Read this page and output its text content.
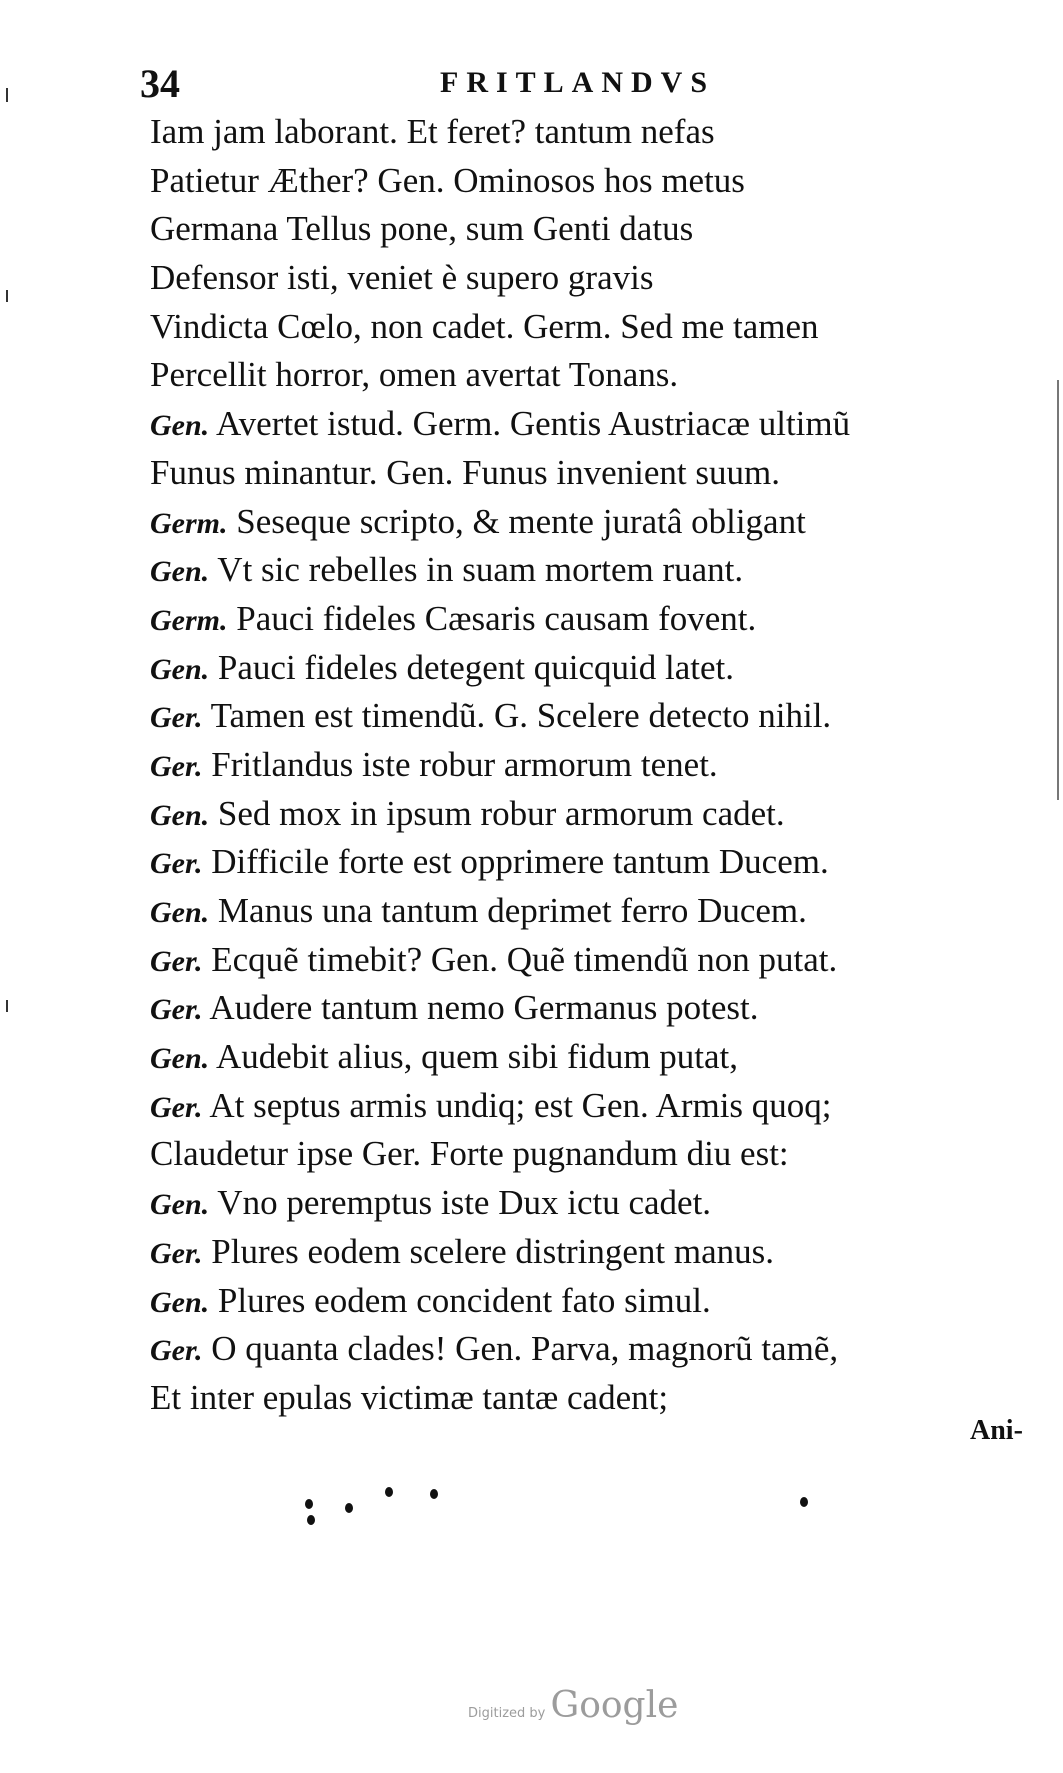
34	FRITLANDVS
Iam jam laborant. Et feret? tantum nefas
Patietur Æther? Gen. Ominosos hos metus
Germana Tellus pone, sum Genti datus
Defensor isti, veniet è supero gravis
Vindicta Cœlo, non cadet. Germ. Sed me tamen
Percellit horror, omen avertat Tonans.
Gen. Avertet istud. Germ. Gentis Austriacæ ultimũ
Funus minantur. Gen. Funus invenient suum.
Germ. Seseque scripto, & mente juratâ obligant
Gen. Vt sic rebelles in suam mortem ruant.
Germ. Pauci fideles Cæsaris causam fovent.
Gen. Pauci fideles detegent quicquid latet.
Ger. Tamen est timendũ. G. Scelere detecto nihil.
Ger. Fritlandus iste robur armorum tenet.
Gen. Sed mox in ipsum robur armorum cadet.
Ger. Difficile forte est opprimere tantum Ducem.
Gen. Manus una tantum deprimet ferro Ducem.
Ger. Ecquẽ timebit? Gen. Quẽ timendũ non putat.
Ger. Audere tantum nemo Germanus potest.
Gen. Audebit alius, quem sibi fidum putat,
Ger. At septus armis undiq; est Gen. Armis quoq;
Claudetur ipse Ger. Forte pugnandum diu est:
Gen. Vno peremptus iste Dux ictu cadet.
Ger. Plures eodem scelere distringent manus.
Gen. Plures eodem concident fato simul.
Ger. O quanta clades! Gen. Parva, magnorũ tamẽ,
Et inter epulas victimæ tantæ cadent;
Ani-
Digitized by Google
